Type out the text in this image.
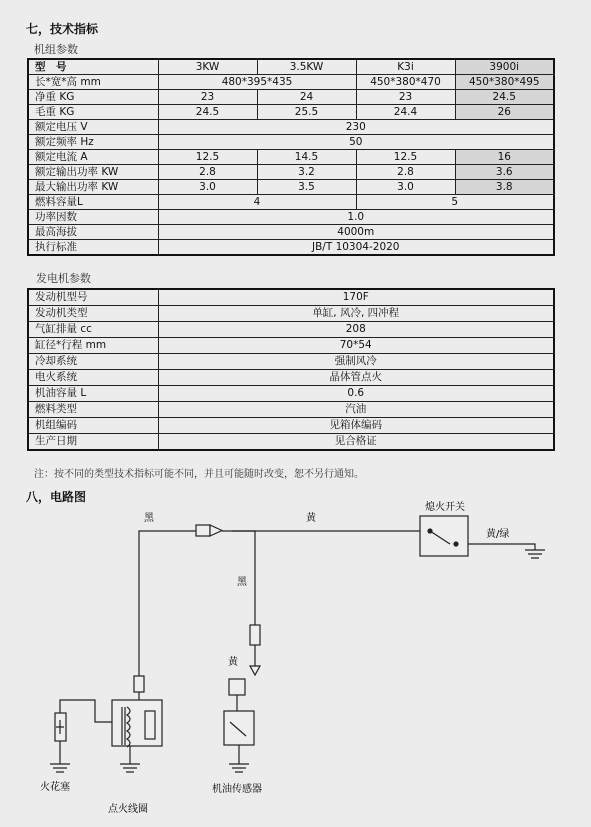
七，技术指标
机组参数
型　号	3KW	3.5KW	K3i	3900i
长*宽*高 mm	480*395*435		450*380*470	450*380*495
净重 KG	23	24	23	24.5
毛重 KG	24.5	25.5	24.4	26
额定电压 V	230			
额定频率 Hz	50			
额定电流 A	12.5	14.5	12.5	16
额定输出功率 KW	2.8	3.2	2.8	3.6
最大输出功率 KW	3.0	3.5	3.0	3.8
燃料容量L	4		5	
功率因数	1.0			
最高海拔	4000m			
执行标准	JB/T 10304-2020			
发电机参数
发动机型号	170F
发动机类型	单缸, 风冷, 四冲程
气缸排量 cc	208
缸径*行程 mm	70*54
冷却系统	强制风冷
电火系统	晶体管点火
机油容量 L	0.6
燃料类型	汽油
机组编码	见箱体编码
生产日期	见合格证
注：按不同的类型技术指标可能不同，并且可能随时改变，恕不另行通知。
八，电路图
黑	黄
黑
黄
熄火开关
黄/绿
火花塞
点火线圈
机油传感器
